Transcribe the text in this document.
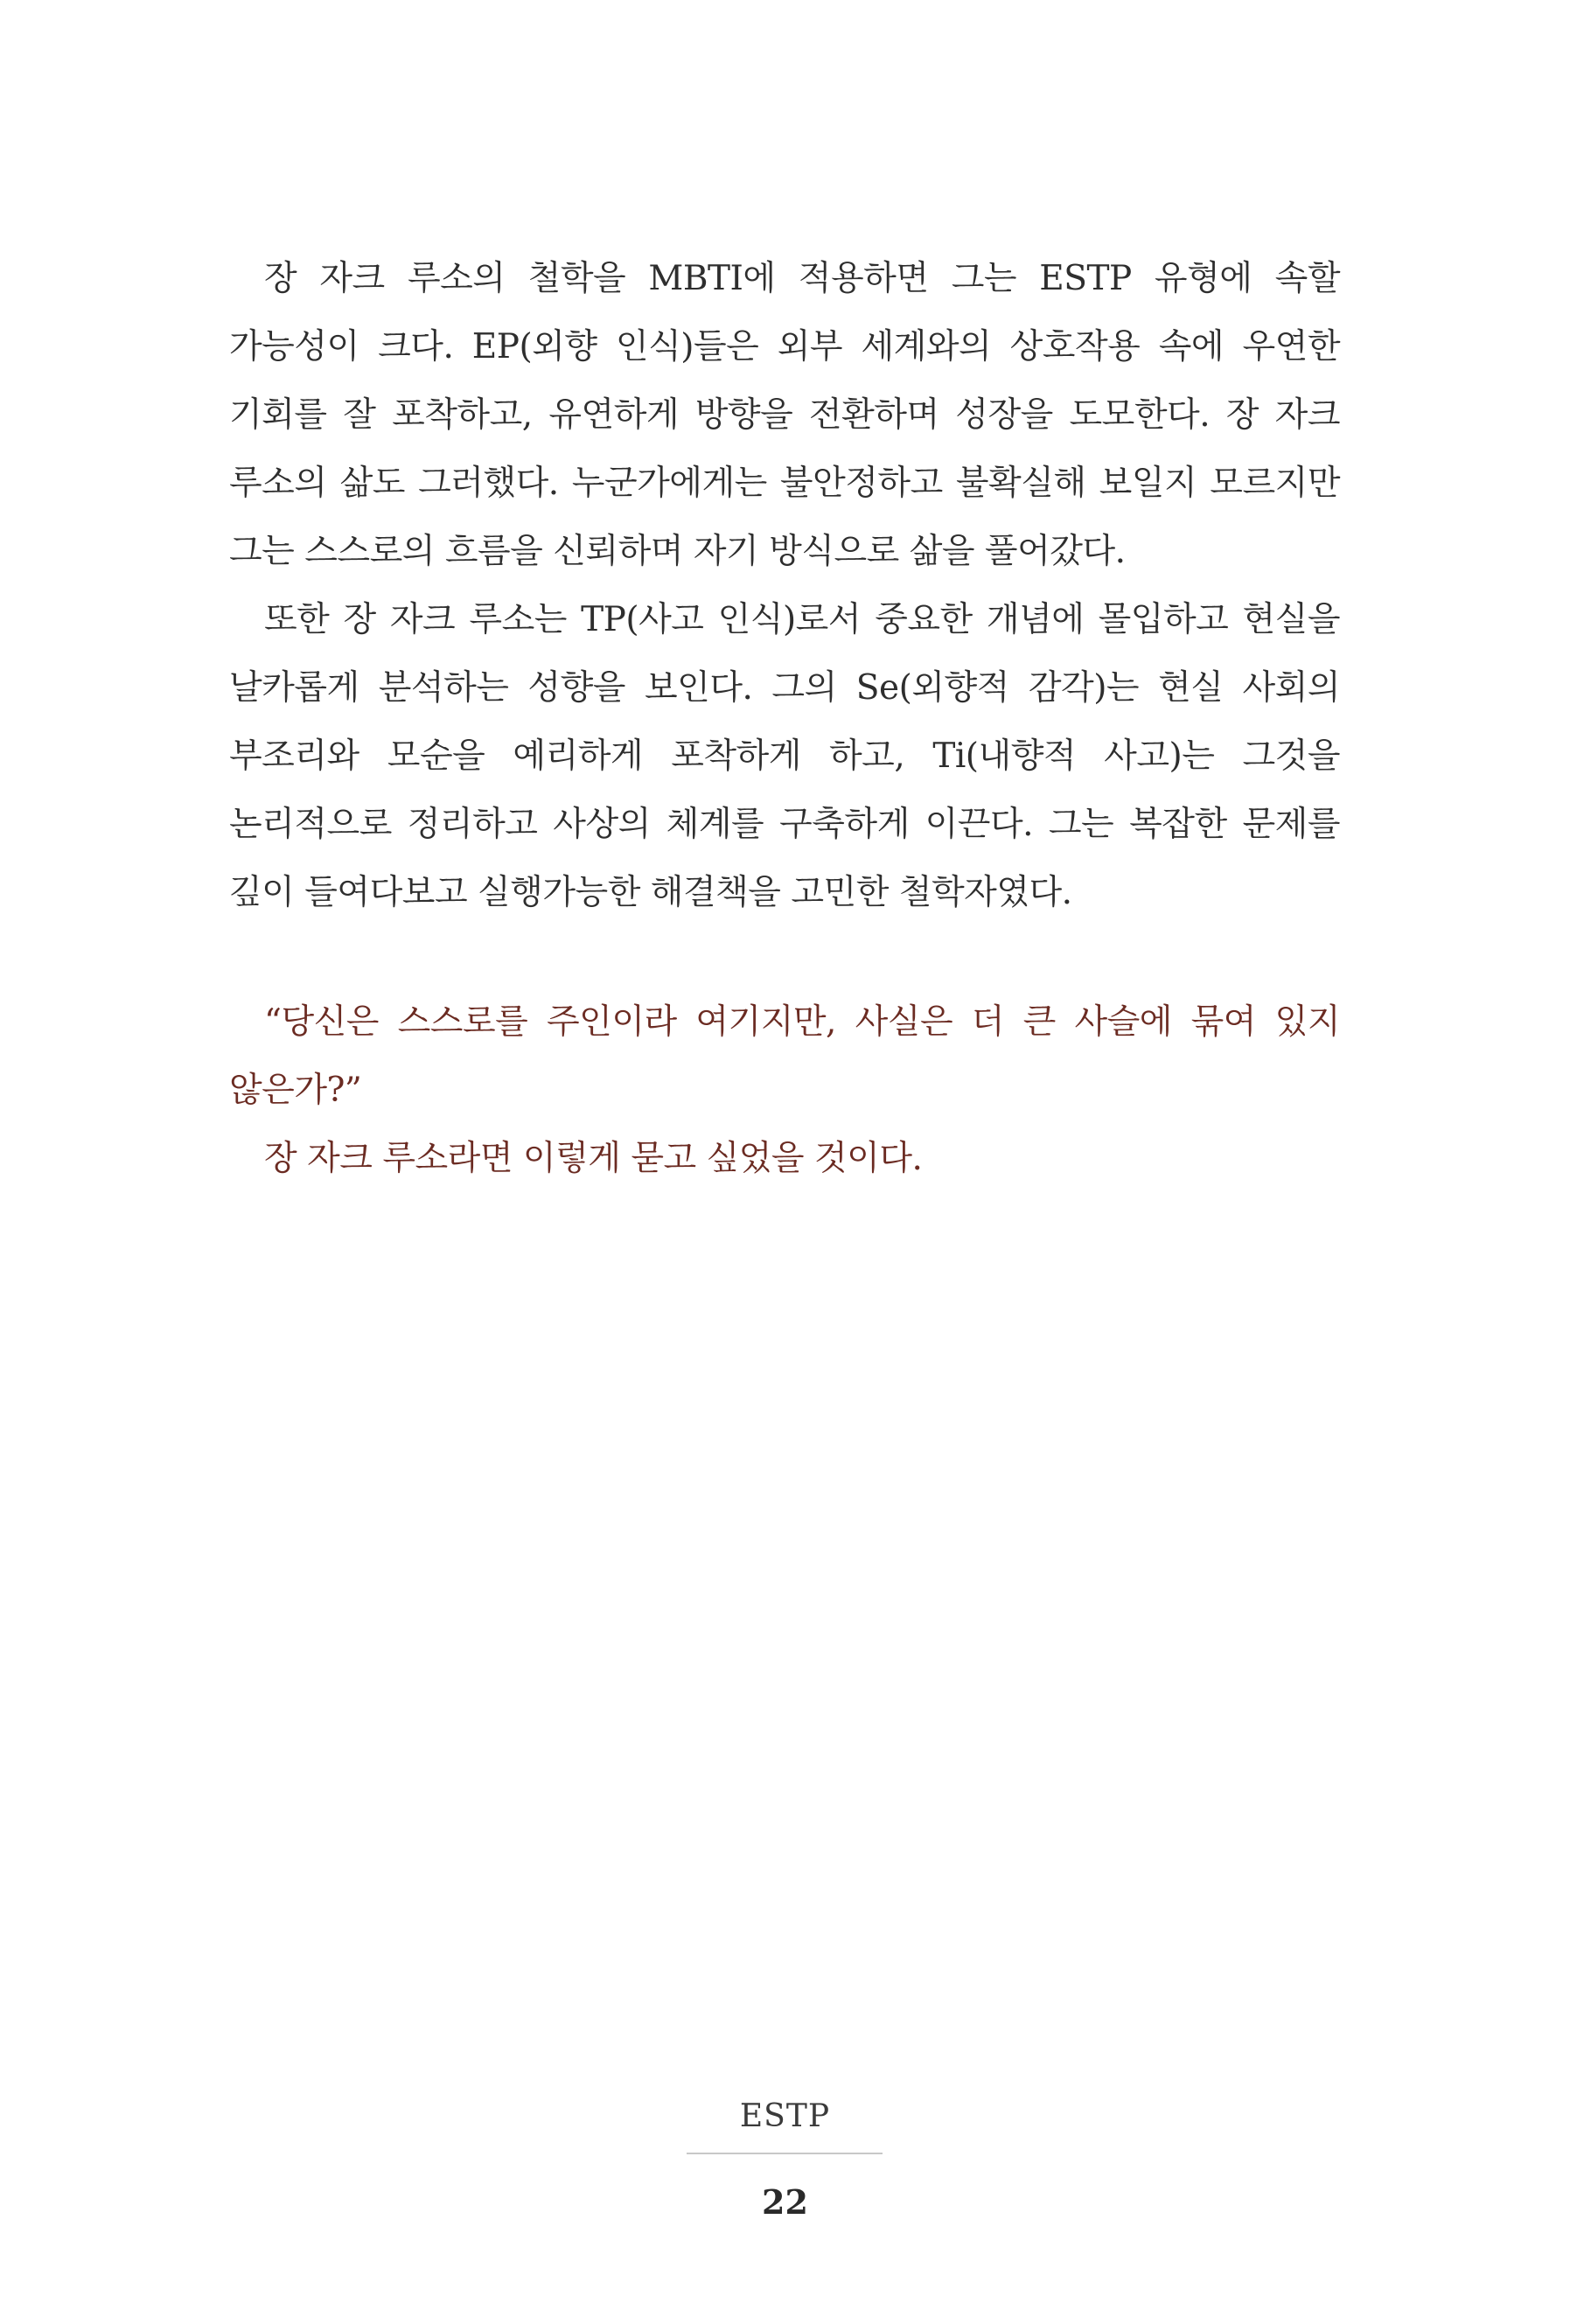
장 자크 루소의 철학을 MBTI에 적용하면 그는 ESTP 유형에 속할 가능성이 크다. EP(외향 인식)들은 외부 세계와의 상호작용 속에 우연한 기회를 잘 포착하고, 유연하게 방향을 전환하며 성장을 도모한다. 장 자크 루소의 삶도 그러했다. 누군가에게는 불안정하고 불확실해 보일지 모르지만 그는 스스로의 흐름을 신뢰하며 자기 방식으로 삶을 풀어갔다.

또한 장 자크 루소는 TP(사고 인식)로서 중요한 개념에 몰입하고 현실을 날카롭게 분석하는 성향을 보인다. 그의 Se(외향적 감각)는 현실 사회의 부조리와 모순을 예리하게 포착하게 하고, Ti(내향적 사고)는 그것을 논리적으로 정리하고 사상의 체계를 구축하게 이끈다. 그는 복잡한 문제를 깊이 들여다보고 실행가능한 해결책을 고민한 철학자였다.

“당신은 스스로를 주인이라 여기지만, 사실은 더 큰 사슬에 묶여 있지 않은가?”

장 자크 루소라면 이렇게 묻고 싶었을 것이다.

ESTP
22
